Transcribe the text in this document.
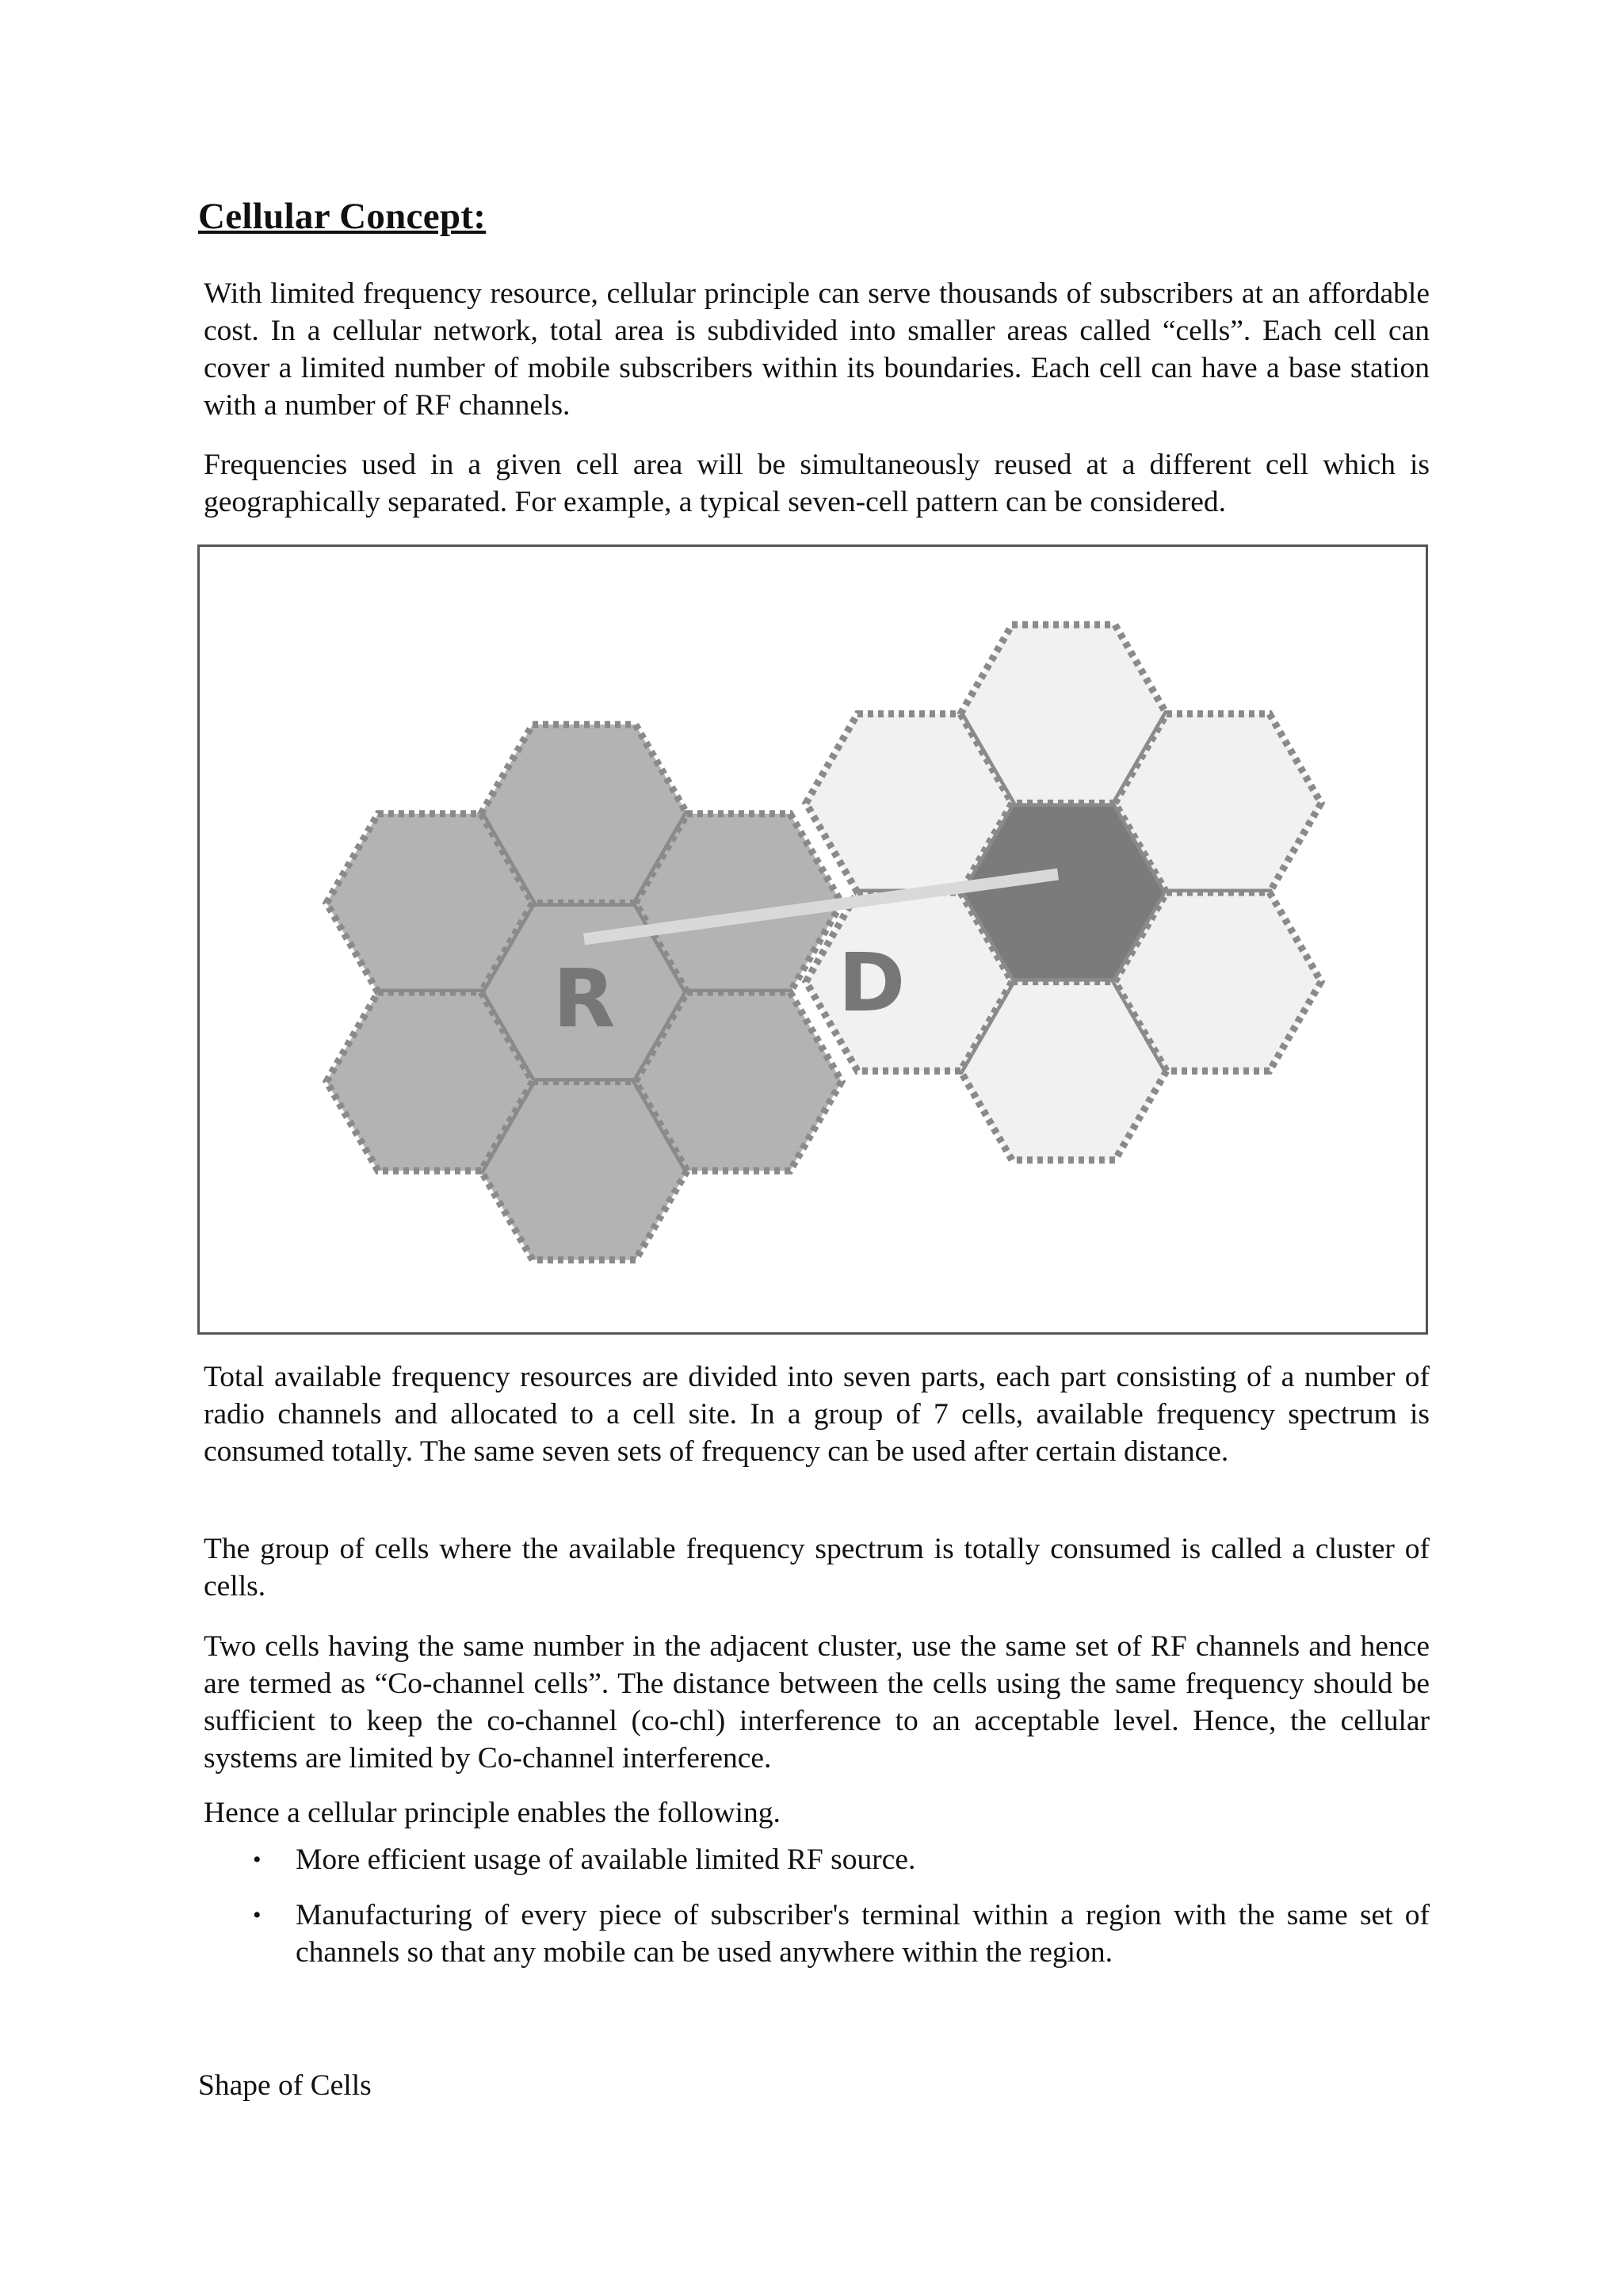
Cellular Concept:

With limited frequency resource, cellular principle can serve thousands of subscribers at an affordable cost. In a cellular network, total area is subdivided into smaller areas called “cells”. Each cell can cover a limited number of mobile subscribers within its boundaries. Each cell can have a base station with a number of RF channels.

Frequencies used in a given cell area will be simultaneously reused at a different cell which is geographically separated. For example, a typical seven-cell pattern can be considered.

R	D

Total available frequency resources are divided into seven parts, each part consisting of a number of radio channels and allocated to a cell site. In a group of 7 cells, available frequency spectrum is consumed totally. The same seven sets of frequency can be used after certain distance.

The group of cells where the available frequency spectrum is totally consumed is called a cluster of cells.

Two cells having the same number in the adjacent cluster, use the same set of RF channels and hence are termed as “Co-channel cells”. The distance between the cells using the same frequency should be sufficient to keep the co-channel (co-chl) interference to an acceptable level. Hence, the cellular systems are limited by Co-channel interference.

Hence a cellular principle enables the following.

• More efficient usage of available limited RF source.
• Manufacturing of every piece of subscriber's terminal within a region with the same set of channels so that any mobile can be used anywhere within the region.

Shape of Cells
